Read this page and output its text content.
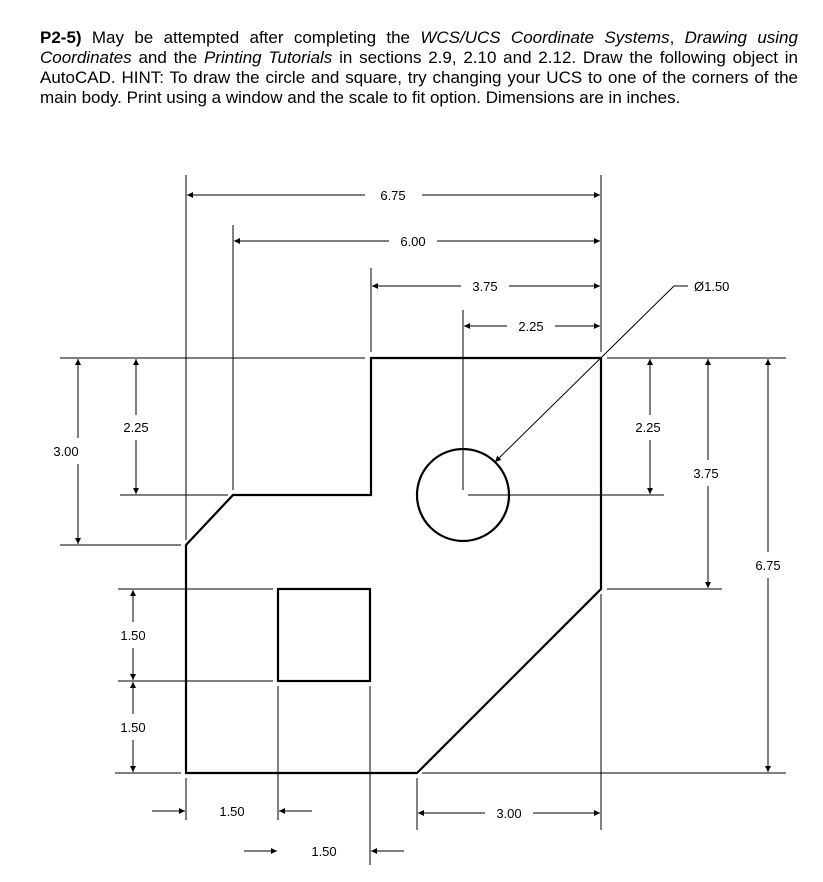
P2-5) May be attempted after completing the WCS/UCS Coordinate Systems, Drawing using Coordinates and the Printing Tutorials in sections 2.9, 2.10 and 2.12. Draw the following object in AutoCAD. HINT: To draw the circle and square, try changing your UCS to one of the corners of the main body. Print using a window and the scale to fit option. Dimensions are in inches.
6.75
6.00
3.75
2.25
Ø1.50
3.00
2.25	2.25
3.75
6.75
1.50
1.50
1.50
1.50
3.00
